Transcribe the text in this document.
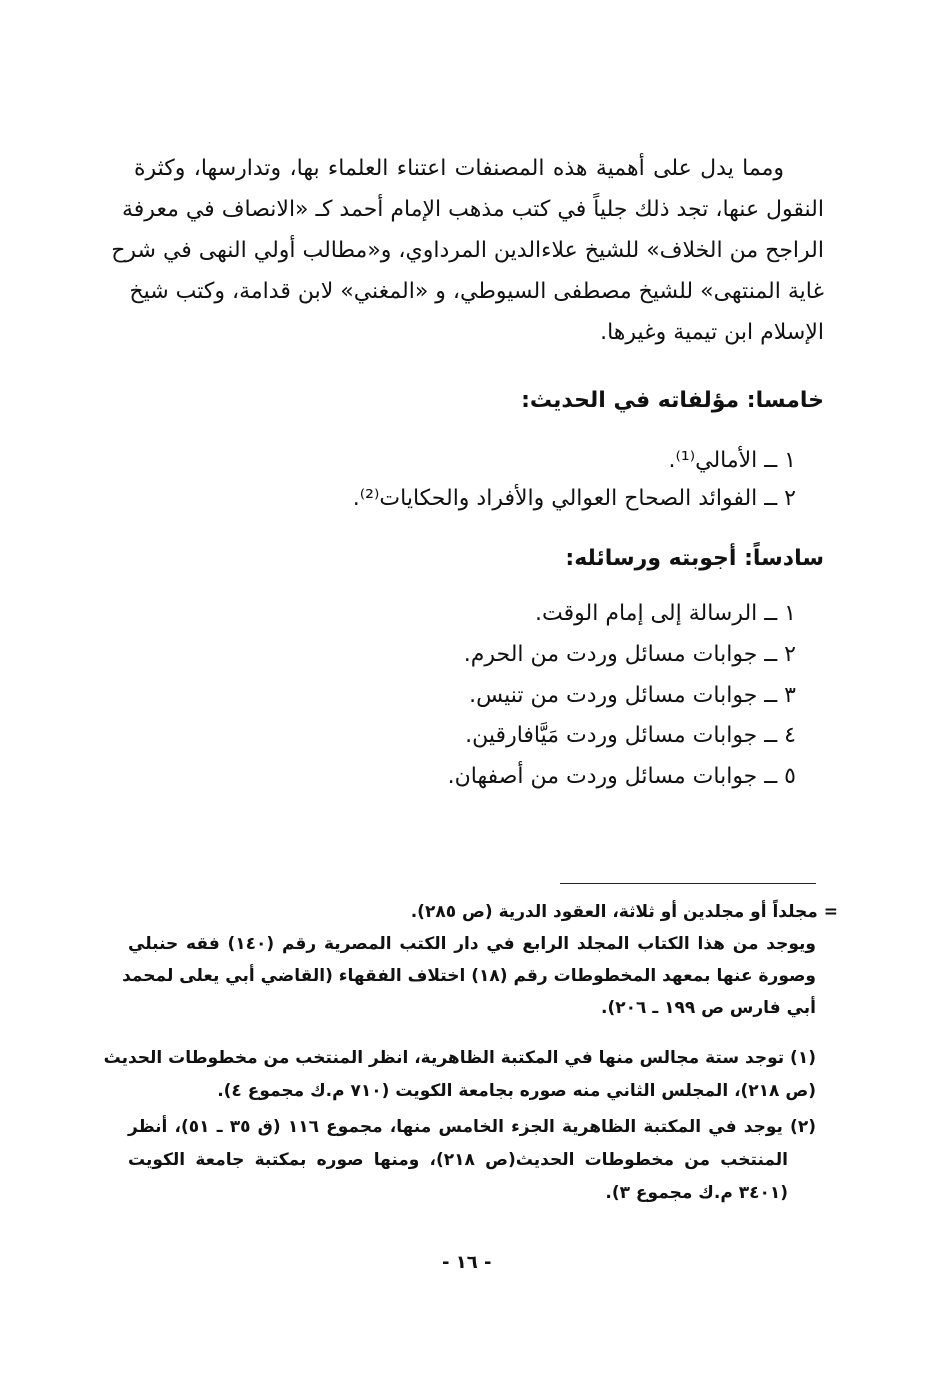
ومما يدل على أهمية هذه المصنفات اعتناء العلماء بها، وتدارسها، وكثرة
النقول عنها، تجد ذلك جلياً في كتب مذهب الإمام أحمد كـ «الانصاف في معرفة
الراجح من الخلاف» للشيخ علاءالدين المرداوي، و«مطالب أولي النهى في شرح
غاية المنتهى» للشيخ مصطفى السيوطي، و «المغني» لابن قدامة، وكتب شيخ
الإسلام ابن تيمية وغيرها.
خامسا: مؤلفاته في الحديث:
١ ــ الأمالي⁽¹⁾.
٢ ــ الفوائد الصحاح العوالي والأفراد والحكايات⁽²⁾.
سادساً: أجوبته ورسائله:
١ ــ الرسالة إلى إمام الوقت.
٢ ــ جوابات مسائل وردت من الحرم.
٣ ــ جوابات مسائل وردت من تنيس.
٤ ــ جوابات مسائل وردت مَيَّافارقين.
٥ ــ جوابات مسائل وردت من أصفهان.
= مجلداً أو مجلدين أو ثلاثة، العقود الدرية (ص ٢٨٥).
ويوجد من هذا الكتاب المجلد الرابع في دار الكتب المصرية رقم (١٤٠) فقه حنبلي
وصورة عنها بمعهد المخطوطات رقم (١٨) اختلاف الفقهاء (القاضي أبي يعلى لمحمد
أبي فارس ص ١٩٩ ـ ٢٠٦).
(١) توجد ستة مجالس منها في المكتبة الظاهرية، انظر المنتخب من مخطوطات الحديث
(ص ٢١٨)، المجلس الثاني منه صوره بجامعة الكويت (٧١٠ م.ك مجموع ٤).
(٢) يوجد في المكتبة الظاهرية الجزء الخامس منها، مجموع ١١٦ (ق ٣٥ ـ ٥١)، أنظر
المنتخب من مخطوطات الحديث(ص ٢١٨)، ومنها صوره بمكتبة جامعة الكويت
(٣٤٠١ م.ك مجموع ٣).
- ١٦ -
